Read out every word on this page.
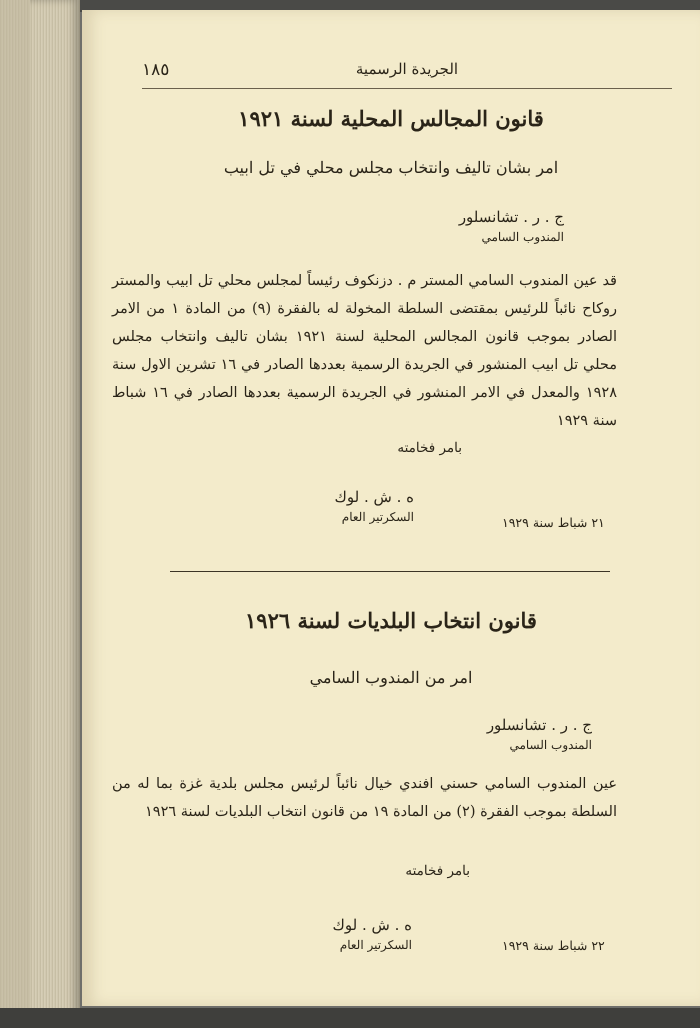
١٨٥	الجريدة الرسمية
قانون المجالس المحلية لسنة ١٩٢١
امر بشان تاليف وانتخاب مجلس محلي في تل ابيب
ج . ر . تشانسلور
المندوب السامي
قد عين المندوب السامي المستر م . دزنكوف رئيساً لمجلس محلي تل ابيب والمستر روكاح نائباً للرئيس بمقتضى السلطة المخولة له بالفقرة (٩) من المادة ١ من الامر الصادر بموجب قانون المجالس المحلية لسنة ١٩٢١ بشان تاليف وانتخاب مجلس محلي تل ابيب المنشور في الجريدة الرسمية بعددها الصادر في ١٦ تشرين الاول سنة ١٩٢٨ والمعدل في الامر المنشور في الجريدة الرسمية بعددها الصادر في ١٦ شباط سنة ١٩٢٩
بامر فخامته
ه . ش . لوك
السكرتير العام	٢١ شباط سنة ١٩٢٩
قانون انتخاب البلديات لسنة ١٩٢٦
امر من المندوب السامي
ج . ر . تشانسلور
المندوب السامي
عين المندوب السامي حسني افندي خيال نائباً لرئيس مجلس بلدية غزة بما له من السلطة بموجب الفقرة (٢) من المادة ١٩ من قانون انتخاب البلديات لسنة ١٩٢٦
بامر فخامته
ه . ش . لوك
السكرتير العام	٢٢ شباط سنة ١٩٢٩
